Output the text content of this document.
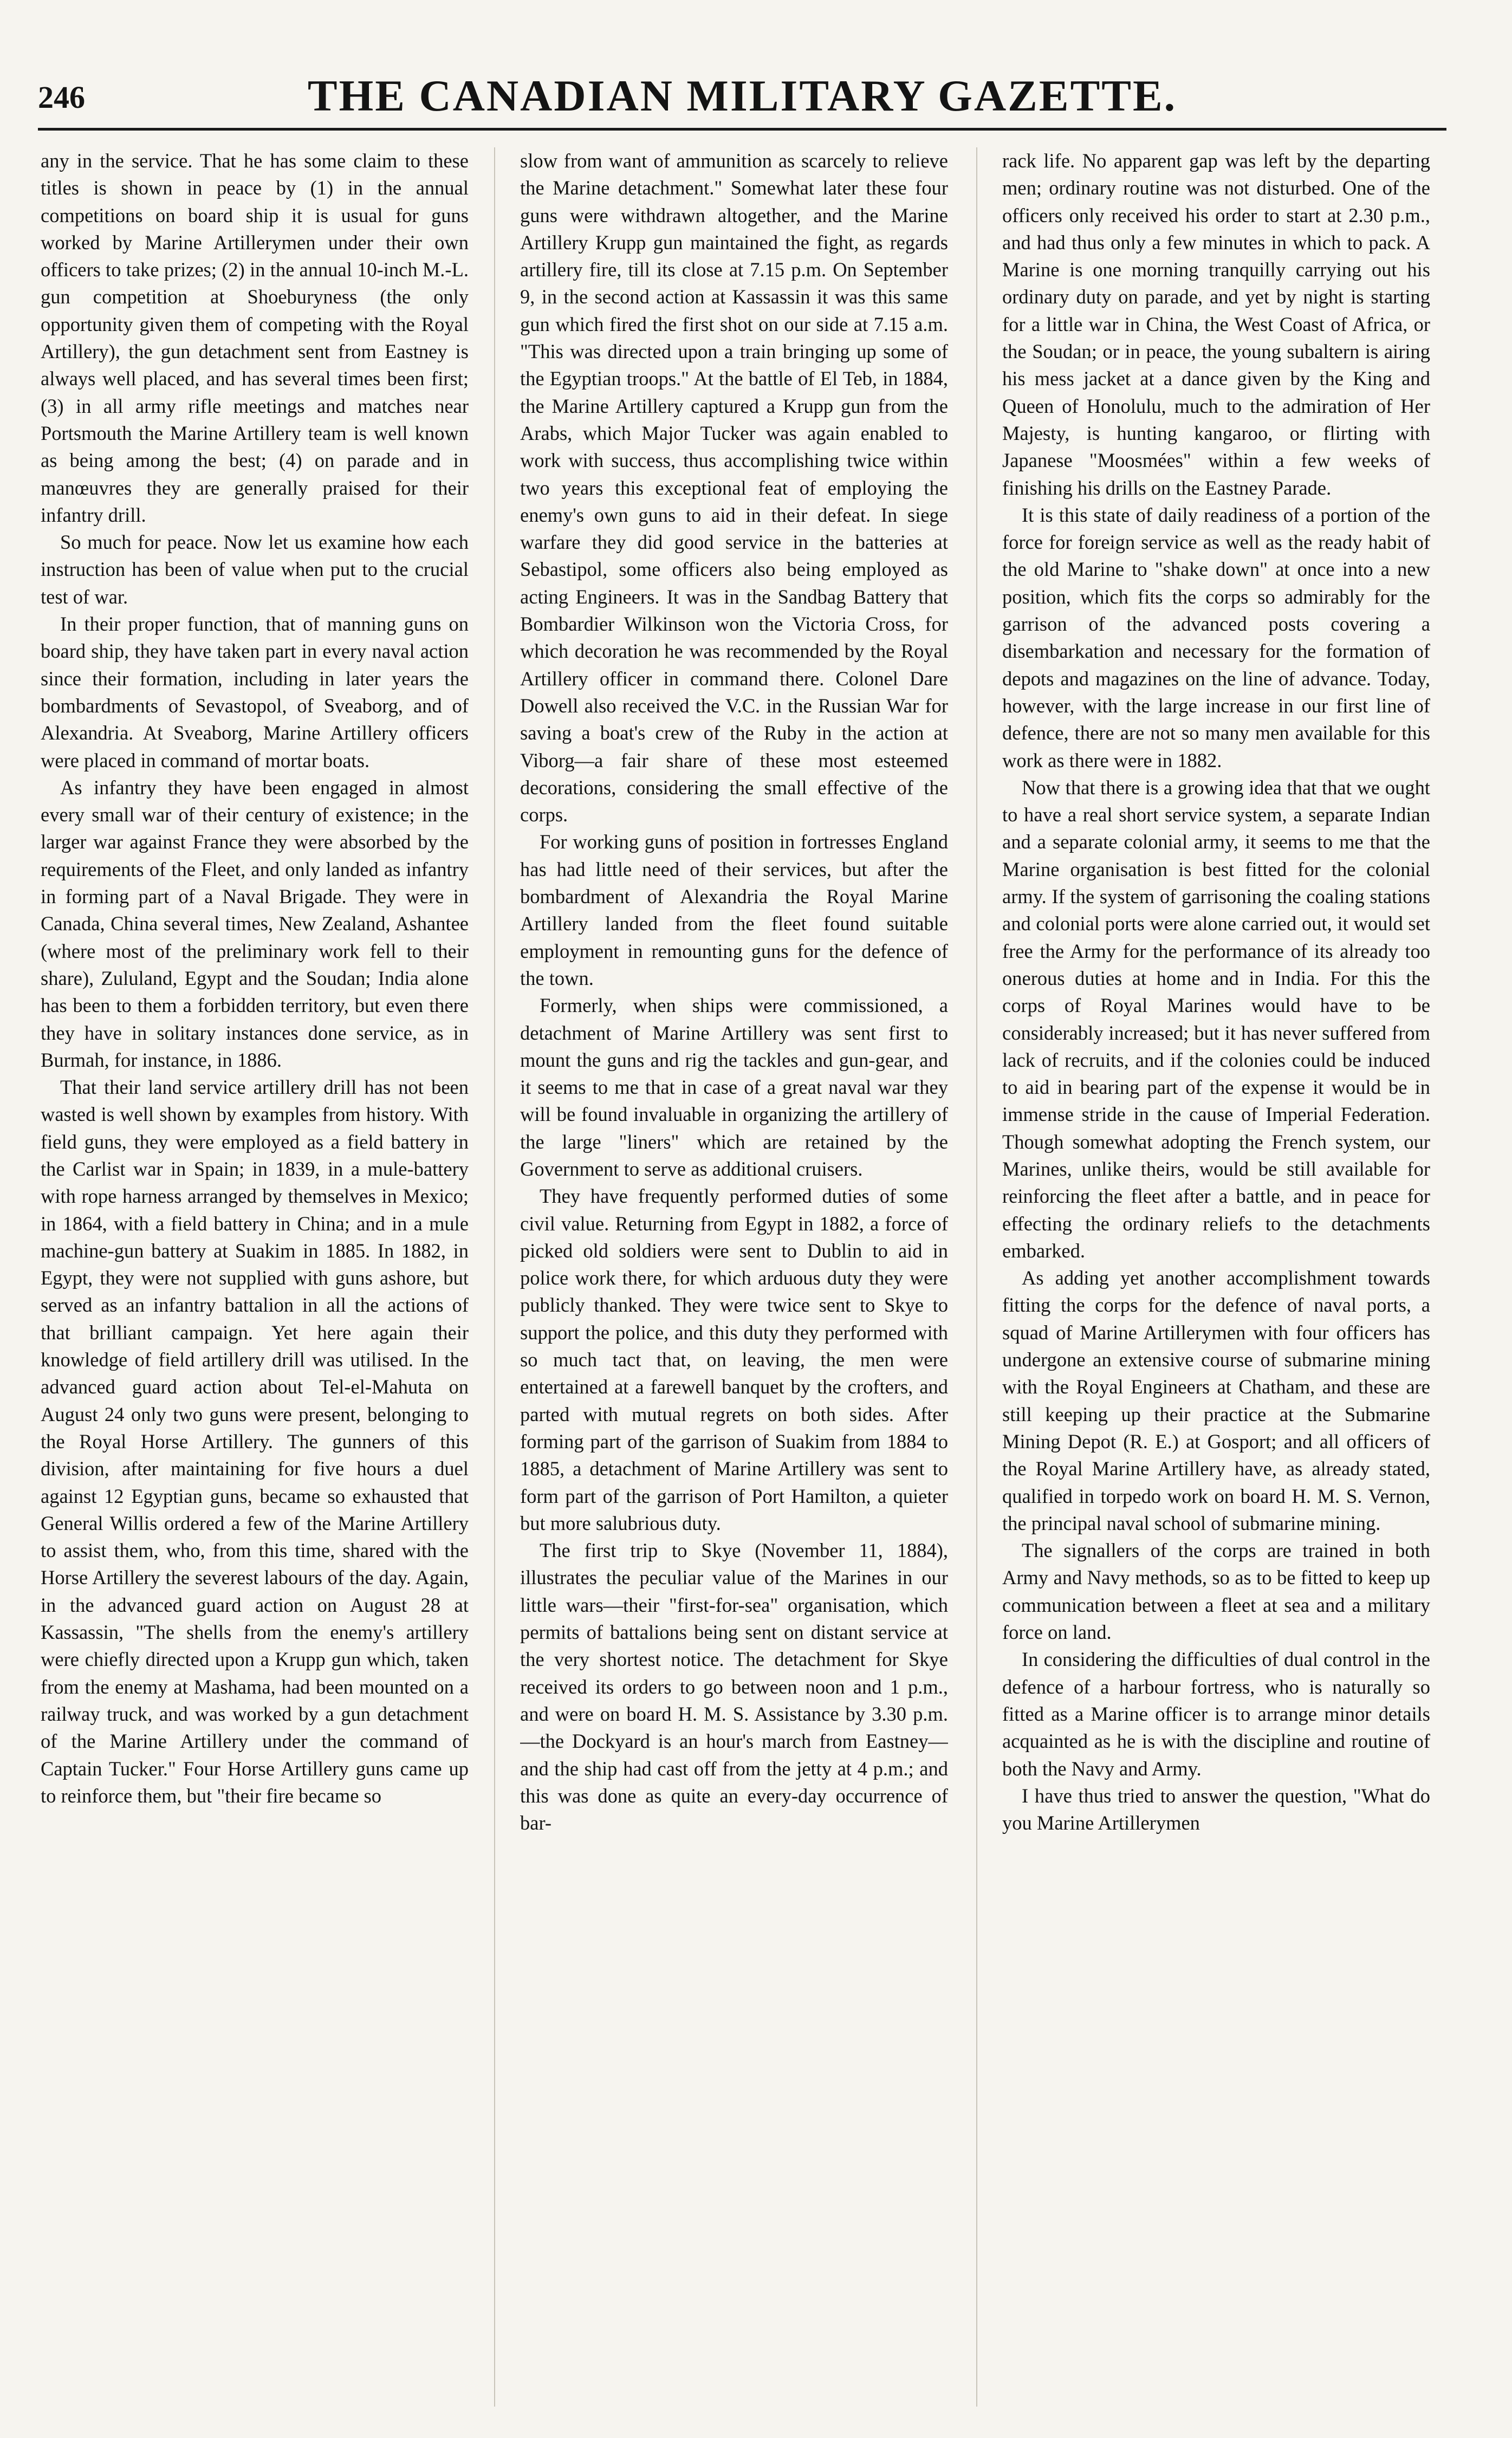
246	THE CANADIAN MILITARY GAZETTE.

any in the service. That he has some claim to these titles is shown in peace by (1) in the annual competitions on board ship it is usual for guns worked by Marine Artillerymen under their own officers to take prizes; (2) in the annual 10-inch M.-L. gun competition at Shoeburyness (the only opportunity given them of competing with the Royal Artillery), the gun detachment sent from Eastney is always well placed, and has several times been first; (3) in all army rifle meetings and matches near Portsmouth the Marine Artillery team is well known as being among the best; (4) on parade and in manœuvres they are generally praised for their infantry drill.

So much for peace. Now let us examine how each instruction has been of value when put to the crucial test of war.

In their proper function, that of manning guns on board ship, they have taken part in every naval action since their formation, including in later years the bombardments of Sevastopol, of Sveaborg, and of Alexandria. At Sveaborg, Marine Artillery officers were placed in command of mortar boats.

As infantry they have been engaged in almost every small war of their century of existence; in the larger war against France they were absorbed by the requirements of the Fleet, and only landed as infantry in forming part of a Naval Brigade. They were in Canada, China several times, New Zealand, Ashantee (where most of the preliminary work fell to their share), Zululand, Egypt and the Soudan; India alone has been to them a forbidden territory, but even there they have in solitary instances done service, as in Burmah, for instance, in 1886.

That their land service artillery drill has not been wasted is well shown by examples from history. With field guns, they were employed as a field battery in the Carlist war in Spain; in 1839, in a mule-battery with rope harness arranged by themselves in Mexico; in 1864, with a field battery in China; and in a mule machine-gun battery at Suakim in 1885. In 1882, in Egypt, they were not supplied with guns ashore, but served as an infantry battalion in all the actions of that brilliant campaign. Yet here again their knowledge of field artillery drill was utilised. In the advanced guard action about Tel-el-Mahuta on August 24 only two guns were present, belonging to the Royal Horse Artillery. The gunners of this division, after maintaining for five hours a duel against 12 Egyptian guns, became so exhausted that General Willis ordered a few of the Marine Artillery to assist them, who, from this time, shared with the Horse Artillery the severest labours of the day. Again, in the advanced guard action on August 28 at Kassassin, "The shells from the enemy's artillery were chiefly directed upon a Krupp gun which, taken from the enemy at Mashama, had been mounted on a railway truck, and was worked by a gun detachment of the Marine Artillery under the command of Captain Tucker." Four Horse Artillery guns came up to reinforce them, but "their fire became so

slow from want of ammunition as scarcely to relieve the Marine detachment." Somewhat later these four guns were withdrawn altogether, and the Marine Artillery Krupp gun maintained the fight, as regards artillery fire, till its close at 7.15 p.m. On September 9, in the second action at Kassassin it was this same gun which fired the first shot on our side at 7.15 a.m. "This was directed upon a train bringing up some of the Egyptian troops." At the battle of El Teb, in 1884, the Marine Artillery captured a Krupp gun from the Arabs, which Major Tucker was again enabled to work with success, thus accomplishing twice within two years this exceptional feat of employing the enemy's own guns to aid in their defeat. In siege warfare they did good service in the batteries at Sebastipol, some officers also being employed as acting Engineers. It was in the Sandbag Battery that Bombardier Wilkinson won the Victoria Cross, for which decoration he was recommended by the Royal Artillery officer in command there. Colonel Dare Dowell also received the V.C. in the Russian War for saving a boat's crew of the Ruby in the action at Viborg—a fair share of these most esteemed decorations, considering the small effective of the corps.

For working guns of position in fortresses England has had little need of their services, but after the bombardment of Alexandria the Royal Marine Artillery landed from the fleet found suitable employment in remounting guns for the defence of the town.

Formerly, when ships were commissioned, a detachment of Marine Artillery was sent first to mount the guns and rig the tackles and gun-gear, and it seems to me that in case of a great naval war they will be found invaluable in organizing the artillery of the large "liners" which are retained by the Government to serve as additional cruisers.

They have frequently performed duties of some civil value. Returning from Egypt in 1882, a force of picked old soldiers were sent to Dublin to aid in police work there, for which arduous duty they were publicly thanked. They were twice sent to Skye to support the police, and this duty they performed with so much tact that, on leaving, the men were entertained at a farewell banquet by the crofters, and parted with mutual regrets on both sides. After forming part of the garrison of Suakim from 1884 to 1885, a detachment of Marine Artillery was sent to form part of the garrison of Port Hamilton, a quieter but more salubrious duty.

The first trip to Skye (November 11, 1884), illustrates the peculiar value of the Marines in our little wars—their "first-for-sea" organisation, which permits of battalions being sent on distant service at the very shortest notice. The detachment for Skye received its orders to go between noon and 1 p.m., and were on board H. M. S. Assistance by 3.30 p.m. —the Dockyard is an hour's march from Eastney—and the ship had cast off from the jetty at 4 p.m.; and this was done as quite an every-day occurrence of bar-

rack life. No apparent gap was left by the departing men; ordinary routine was not disturbed. One of the officers only received his order to start at 2.30 p.m., and had thus only a few minutes in which to pack. A Marine is one morning tranquilly carrying out his ordinary duty on parade, and yet by night is starting for a little war in China, the West Coast of Africa, or the Soudan; or in peace, the young subaltern is airing his mess jacket at a dance given by the King and Queen of Honolulu, much to the admiration of Her Majesty, is hunting kangaroo, or flirting with Japanese "Moosmées" within a few weeks of finishing his drills on the Eastney Parade.

It is this state of daily readiness of a portion of the force for foreign service as well as the ready habit of the old Marine to "shake down" at once into a new position, which fits the corps so admirably for the garrison of the advanced posts covering a disembarkation and necessary for the formation of depots and magazines on the line of advance. Today, however, with the large increase in our first line of defence, there are not so many men available for this work as there were in 1882.

Now that there is a growing idea that that we ought to have a real short service system, a separate Indian and a separate colonial army, it seems to me that the Marine organisation is best fitted for the colonial army. If the system of garrisoning the coaling stations and colonial ports were alone carried out, it would set free the Army for the performance of its already too onerous duties at home and in India. For this the corps of Royal Marines would have to be considerably increased; but it has never suffered from lack of recruits, and if the colonies could be induced to aid in bearing part of the expense it would be in immense stride in the cause of Imperial Federation. Though somewhat adopting the French system, our Marines, unlike theirs, would be still available for reinforcing the fleet after a battle, and in peace for effecting the ordinary reliefs to the detachments embarked.

As adding yet another accomplishment towards fitting the corps for the defence of naval ports, a squad of Marine Artillerymen with four officers has undergone an extensive course of submarine mining with the Royal Engineers at Chatham, and these are still keeping up their practice at the Submarine Mining Depot (R. E.) at Gosport; and all officers of the Royal Marine Artillery have, as already stated, qualified in torpedo work on board H. M. S. Vernon, the principal naval school of submarine mining.

The signallers of the corps are trained in both Army and Navy methods, so as to be fitted to keep up communication between a fleet at sea and a military force on land.

In considering the difficulties of dual control in the defence of a harbour fortress, who is naturally so fitted as a Marine officer is to arrange minor details acquainted as he is with the discipline and routine of both the Navy and Army.

I have thus tried to answer the question, "What do you Marine Artillerymen
